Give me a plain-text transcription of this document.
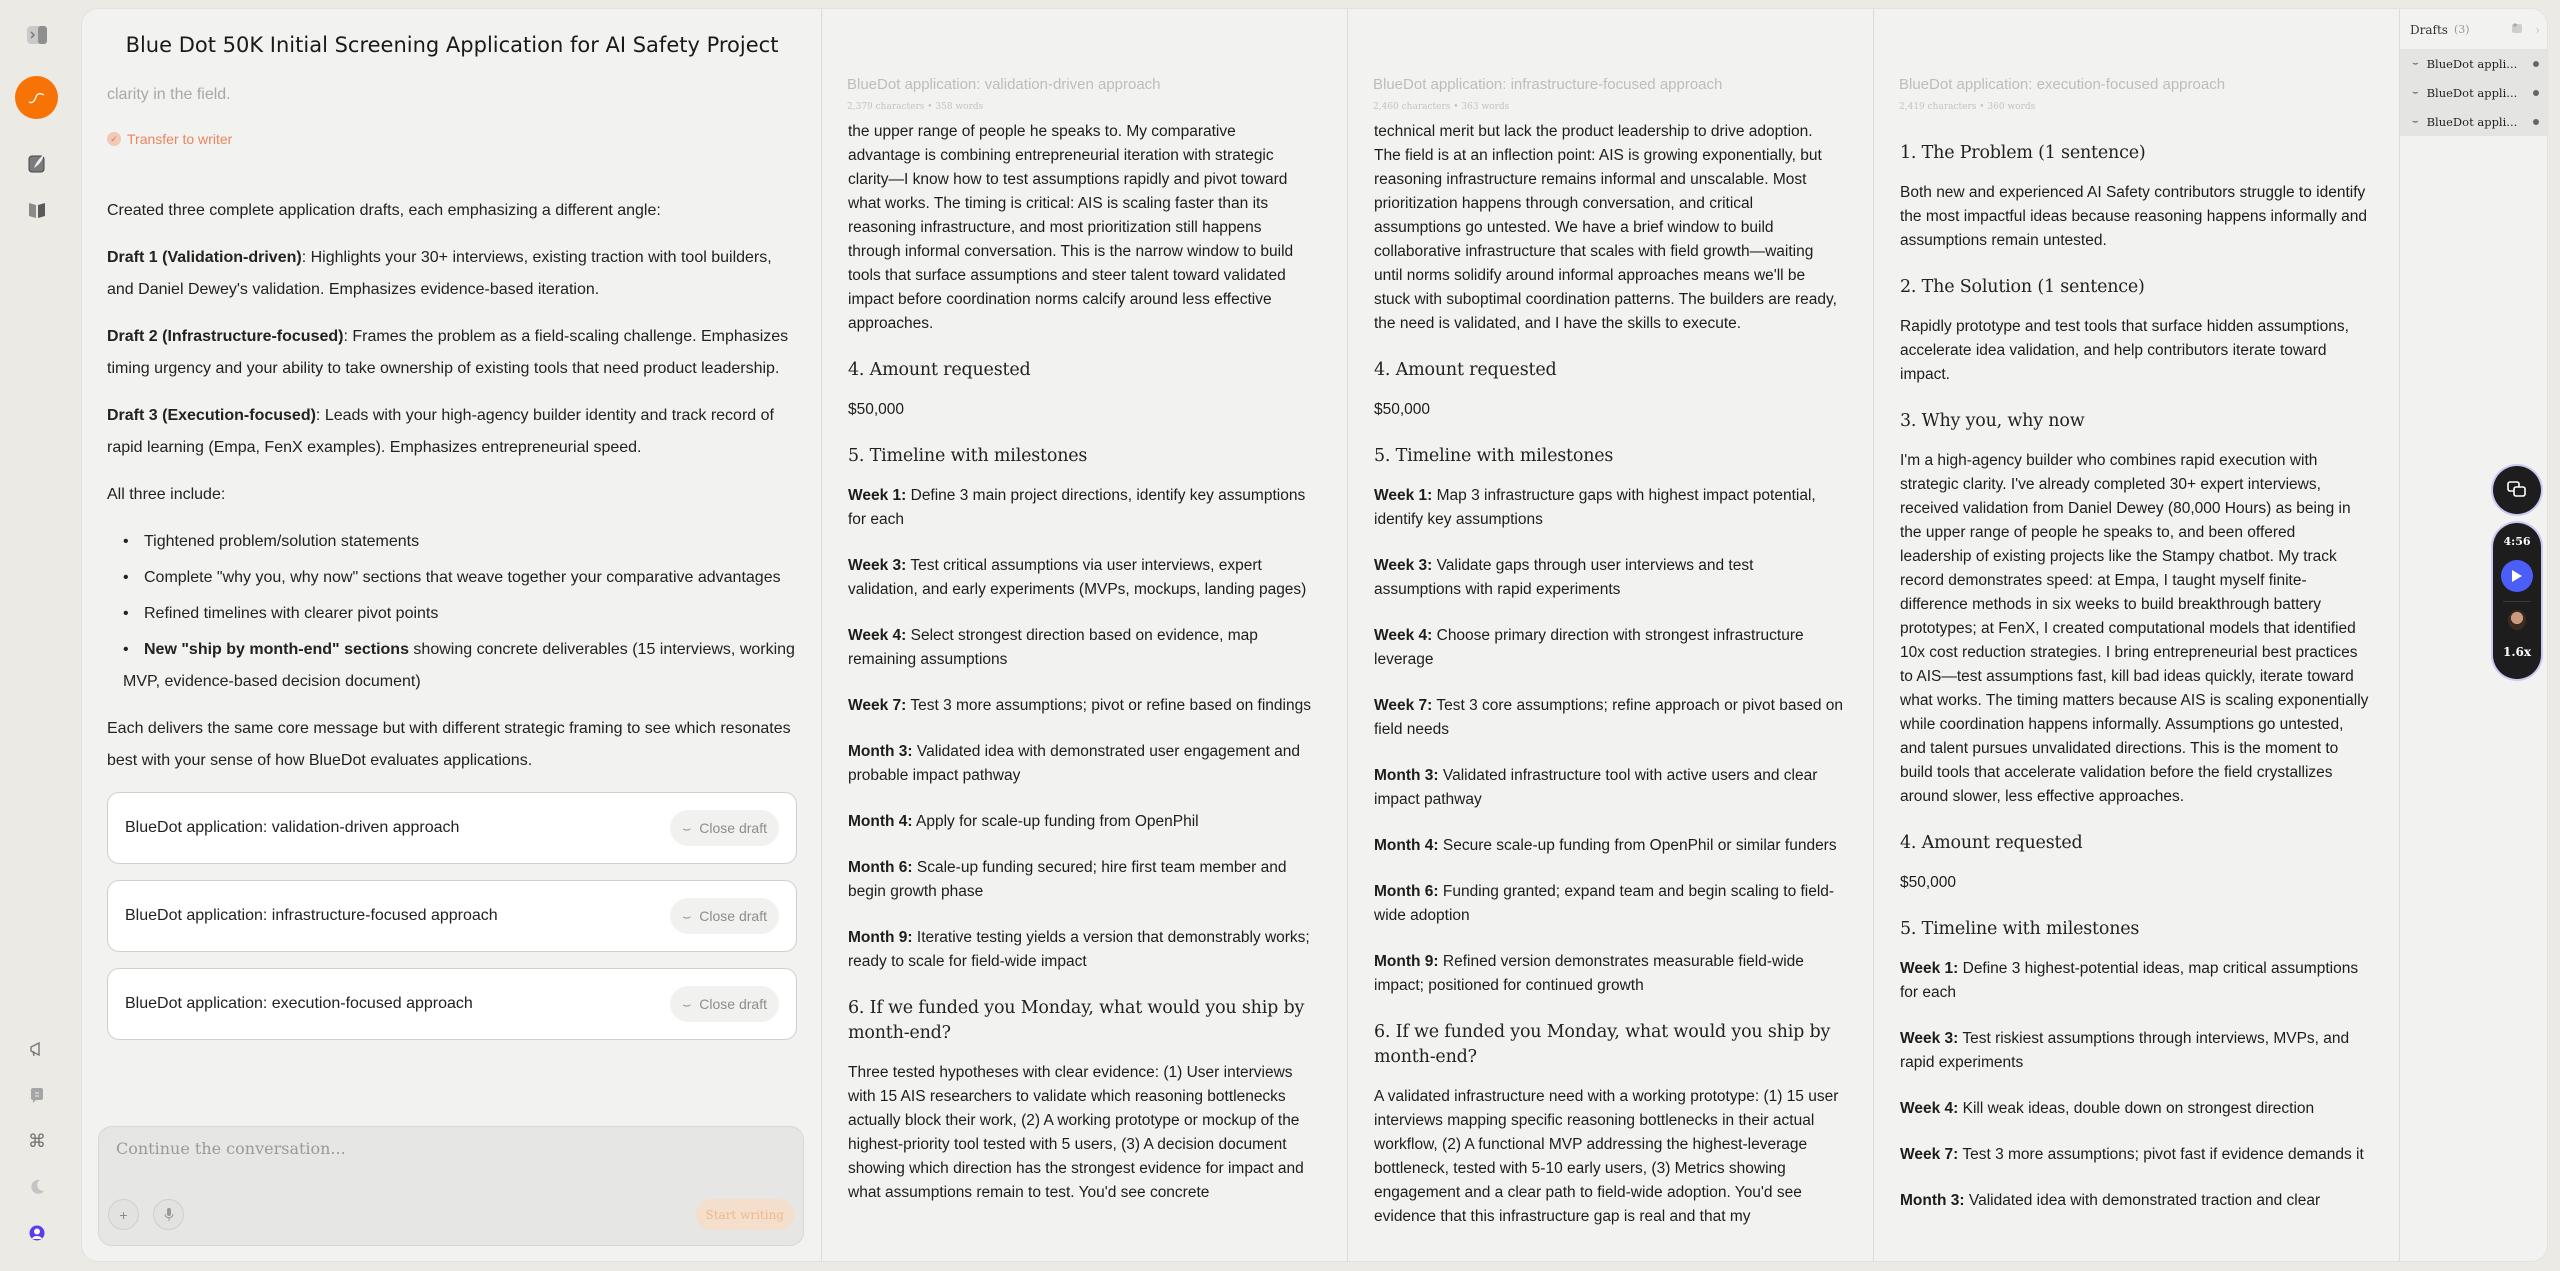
⌘
Blue Dot 50K Initial Screening Application for AI Safety Project
clarity in the field.
✓ Transfer to writer

Created three complete application drafts, each emphasizing a different angle:

Draft 1 (Validation-driven): Highlights your 30+ interviews, existing traction with tool builders, and Daniel Dewey's validation. Emphasizes evidence-based iteration.

Draft 2 (Infrastructure-focused): Frames the problem as a field-scaling challenge. Emphasizes timing urgency and your ability to take ownership of existing tools that need product leadership.

Draft 3 (Execution-focused): Leads with your high-agency builder identity and track record of rapid learning (Empa, FenX examples). Emphasizes entrepreneurial speed.

All three include:

• Tightened problem/solution statements
• Complete "why you, why now" sections that weave together your comparative advantages
• Refined timelines with clearer pivot points
• New "ship by month-end" sections showing concrete deliverables (15 interviews, working MVP, evidence-based decision document)

Each delivers the same core message but with different strategic framing to see which resonates best with your sense of how BlueDot evaluates applications.

BlueDot application: validation-driven approach	⌣ Close draft
BlueDot application: infrastructure-focused approach	⌣ Close draft
BlueDot application: execution-focused approach	⌣ Close draft
Continue the conversation...
+	Start writing
BlueDot application: validation-driven approach
2,379 characters • 358 words
the upper range of people he speaks to. My comparative

advantage is combining entrepreneurial iteration with strategic clarity—I know how to test assumptions rapidly and pivot toward what works. The timing is critical: AIS is scaling faster than its reasoning infrastructure, and most prioritization still happens through informal conversation. This is the narrow window to build tools that surface assumptions and steer talent toward validated impact before coordination norms calcify around less effective approaches.

4. Amount requested

$50,000

5. Timeline with milestones

Week 1: Define 3 main project directions, identify key assumptions for each

Week 3: Test critical assumptions via user interviews, expert validation, and early experiments (MVPs, mockups, landing pages)

Week 4: Select strongest direction based on evidence, map remaining assumptions

Week 7: Test 3 more assumptions; pivot or refine based on findings

Month 3: Validated idea with demonstrated user engagement and probable impact pathway

Month 4: Apply for scale-up funding from OpenPhil

Month 6: Scale-up funding secured; hire first team member and begin growth phase

Month 9: Iterative testing yields a version that demonstrably works; ready to scale for field-wide impact

6. If we funded you Monday, what would you ship by month-end?

Three tested hypotheses with clear evidence: (1) User interviews with 15 AIS researchers to validate which reasoning bottlenecks actually block their work, (2) A working prototype or mockup of the highest-priority tool tested with 5 users, (3) A decision document showing which direction has the strongest evidence for impact and what assumptions remain to test. You'd see concrete

BlueDot application: infrastructure-focused approach
2,460 characters • 363 words
technical merit but lack the product leadership to drive adoption.

The field is at an inflection point: AIS is growing exponentially, but reasoning infrastructure remains informal and unscalable. Most prioritization happens through conversation, and critical assumptions go untested. We have a brief window to build collaborative infrastructure that scales with field growth—waiting until norms solidify around informal approaches means we'll be stuck with suboptimal coordination patterns. The builders are ready, the need is validated, and I have the skills to execute.

4. Amount requested

$50,000

5. Timeline with milestones

Week 1: Map 3 infrastructure gaps with highest impact potential, identify key assumptions

Week 3: Validate gaps through user interviews and test assumptions with rapid experiments

Week 4: Choose primary direction with strongest infrastructure leverage

Week 7: Test 3 core assumptions; refine approach or pivot based on field needs

Month 3: Validated infrastructure tool with active users and clear impact pathway

Month 4: Secure scale-up funding from OpenPhil or similar funders

Month 6: Funding granted; expand team and begin scaling to field-wide adoption

Month 9: Refined version demonstrates measurable field-wide impact; positioned for continued growth

6. If we funded you Monday, what would you ship by month-end?

A validated infrastructure need with a working prototype: (1) 15 user interviews mapping specific reasoning bottlenecks in their actual workflow, (2) A functional MVP addressing the highest-leverage bottleneck, tested with 5-10 early users, (3) Metrics showing engagement and a clear path to field-wide adoption. You'd see evidence that this infrastructure gap is real and that my

BlueDot application: execution-focused approach
2,419 characters • 360 words
1. The Problem (1 sentence)

Both new and experienced AI Safety contributors struggle to identify the most impactful ideas because reasoning happens informally and assumptions remain untested.

2. The Solution (1 sentence)

Rapidly prototype and test tools that surface hidden assumptions, accelerate idea validation, and help contributors iterate toward impact.

3. Why you, why now

I'm a high-agency builder who combines rapid execution with strategic clarity. I've already completed 30+ expert interviews, received validation from Daniel Dewey (80,000 Hours) as being in the upper range of people he speaks to, and been offered leadership of existing projects like the Stampy chatbot. My track record demonstrates speed: at Empa, I taught myself finite-difference methods in six weeks to build breakthrough battery prototypes; at FenX, I created computational models that identified 10x cost reduction strategies. I bring entrepreneurial best practices to AIS—test assumptions fast, kill bad ideas quickly, iterate toward what works. The timing matters because AIS is scaling exponentially while coordination happens informally. Assumptions go untested, and talent pursues unvalidated directions. This is the moment to build tools that accelerate validation before the field crystallizes around slower, less effective approaches.

4. Amount requested

$50,000

5. Timeline with milestones

Week 1: Define 3 highest-potential ideas, map critical assumptions for each

Week 3: Test riskiest assumptions through interviews, MVPs, and rapid experiments

Week 4: Kill weak ideas, double down on strongest direction

Week 7: Test 3 more assumptions; pivot fast if evidence demands it

Month 3: Validated idea with demonstrated traction and clear

Drafts (3)	›
⌣ BlueDot appli...
⌣ BlueDot appli...
⌣ BlueDot appli...
4:56
1.6x
